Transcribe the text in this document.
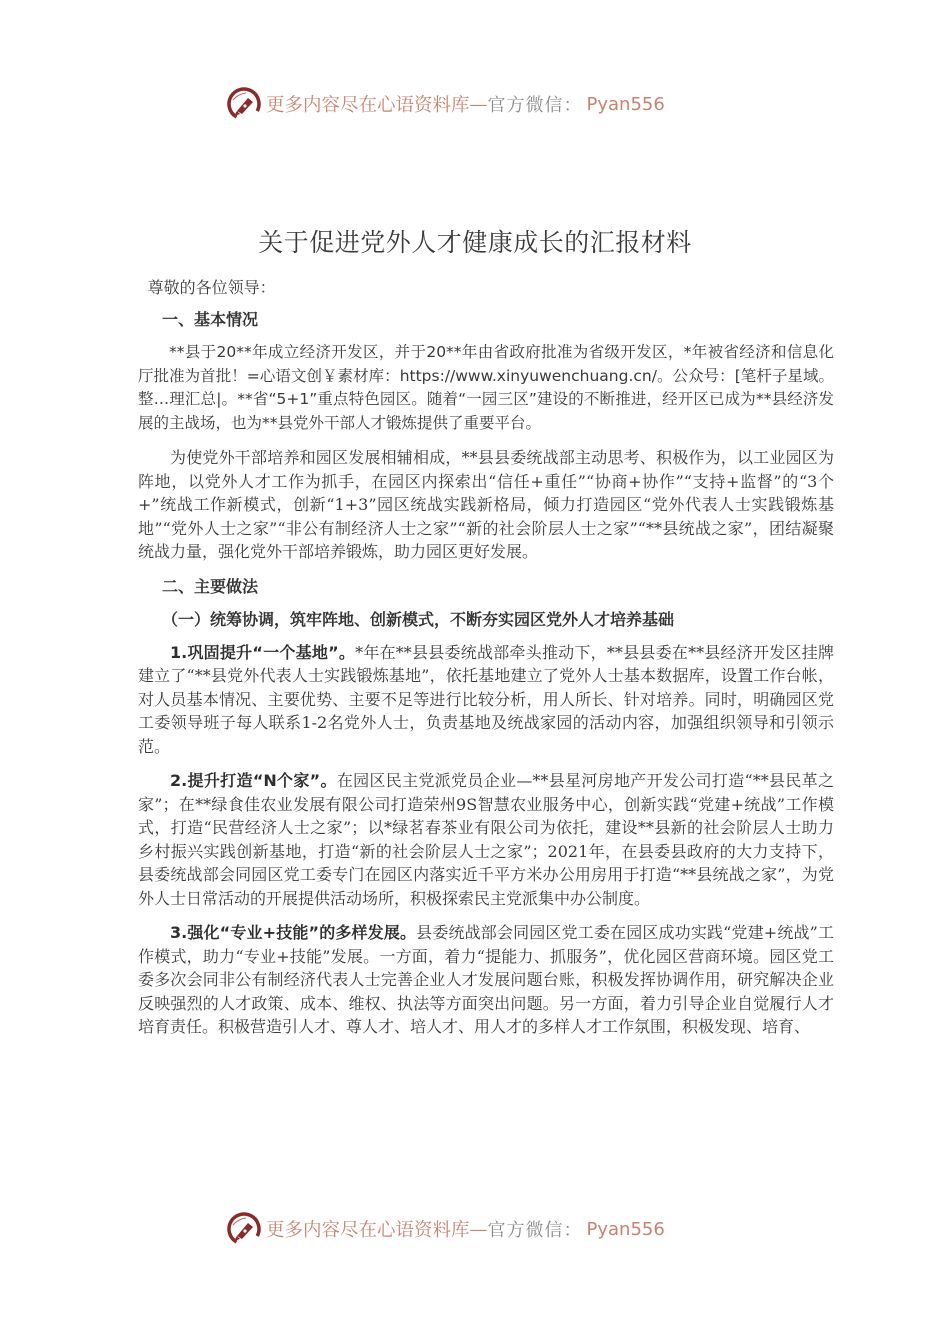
更多内容尽在心语资料库 — 官方微信： Pyan556
关于促进党外人才健康成长的汇报材料
尊敬的各位领导：
一、基本情况

**县于20**年成立经济开发区，并于20**年由省政府批准为省级开发区，*年被省经济和信息化厅批准为首批！=心语文创￥素材库：https://www.xinyuwenchuang.cn/。公众号：[笔杆子星域。整…理汇总|。**省“5+1”重点特色园区。随着“一园三区”建设的不断推进，经开区已成为**县经济发展的主战场，也为**县党外干部人才锻炼提供了重要平台。

为使党外干部培养和园区发展相辅相成，**县县委统战部主动思考、积极作为，以工业园区为阵地，以党外人才工作为抓手，在园区内探索出“信任+重任”“协商+协作”“支持+监督”的“3个+”统战工作新模式，创新“1+3”园区统战实践新格局，倾力打造园区“党外代表人士实践锻炼基地”“党外人士之家”“非公有制经济人士之家”“新的社会阶层人士之家”“**县统战之家”，团结凝聚统战力量，强化党外干部培养锻炼，助力园区更好发展。

二、主要做法
（一）统筹协调，筑牢阵地、创新模式，不断夯实园区党外人才培养基础

1.巩固提升“一个基地”。*年在**县县委统战部牵头推动下，**县县委在**县经济开发区挂牌建立了“**县党外代表人士实践锻炼基地”，依托基地建立了党外人士基本数据库，设置工作台帐，对人员基本情况、主要优势、主要不足等进行比较分析，用人所长、针对培养。同时，明确园区党工委领导班子每人联系1-2名党外人士，负责基地及统战家园的活动内容，加强组织领导和引领示范。

2.提升打造“N个家”。在园区民主党派党员企业—**县星河房地产开发公司打造“**县民革之家”；在**绿食佳农业发展有限公司打造荣州9S智慧农业服务中心，创新实践“党建+统战”工作模式，打造“民营经济人士之家”；以*绿茗春茶业有限公司为依托，建设**县新的社会阶层人士助力乡村振兴实践创新基地，打造“新的社会阶层人士之家”；2021年，在县委县政府的大力支持下，县委统战部会同园区党工委专门在园区内落实近千平方米办公用房用于打造“**县统战之家”，为党外人士日常活动的开展提供活动场所，积极探索民主党派集中办公制度。

3.强化“专业+技能”的多样发展。县委统战部会同园区党工委在园区成功实践“党建+统战”工作模式，助力“专业+技能”发展。一方面，着力“提能力、抓服务”，优化园区营商环境。园区党工委多次会同非公有制经济代表人士完善企业人才发展问题台账，积极发挥协调作用，研究解决企业反映强烈的人才政策、成本、维权、执法等方面突出问题。另一方面，着力引导企业自觉履行人才培育责任。积极营造引人才、尊人才、培人才、用人才的多样人才工作氛围，积极发现、培育、

更多内容尽在心语资料库 — 官方微信： Pyan556
